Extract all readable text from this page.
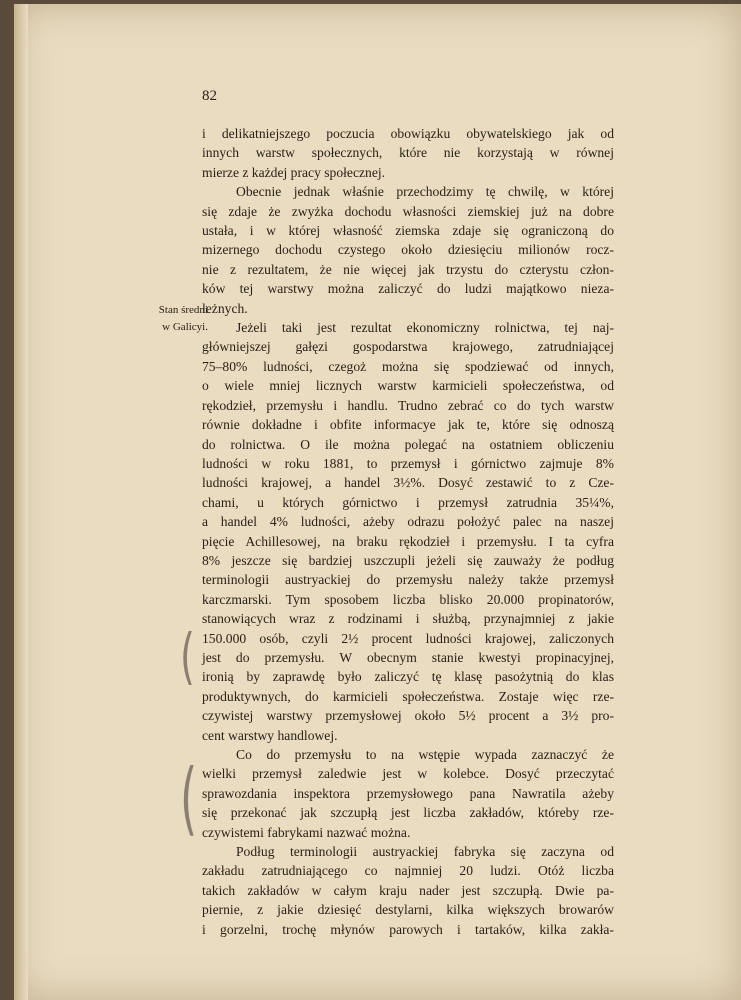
82
Stan średni
w Galicyi.
i delikatniejszego poczucia obowiązku obywatelskiego jak od
innych warstw społecznych, które nie korzystają w równej
mierze z każdej pracy społecznej.
Obecnie jednak właśnie przechodzimy tę chwilę, w której
się zdaje że zwyżka dochodu własności ziemskiej już na dobre
ustała, i w której własność ziemska zdaje się ograniczoną do
mizernego dochodu czystego około dziesięciu milionów rocz-
nie z rezultatem, że nie więcej jak trzystu do czterystu człon-
ków tej warstwy można zaliczyć do ludzi majątkowo nieza-
leżnych.
Jeżeli taki jest rezultat ekonomiczny rolnictwa, tej naj-
główniejszej gałęzi gospodarstwa krajowego, zatrudniającej
75–80% ludności, czegoż można się spodziewać od innych,
o wiele mniej licznych warstw karmicieli społeczeństwa, od
rękodzieł, przemysłu i handlu. Trudno zebrać co do tych warstw
równie dokładne i obfite informacye jak te, które się odnoszą
do rolnictwa. O ile można polegać na ostatniem obliczeniu
ludności w roku 1881, to przemysł i górnictwo zajmuje 8%
ludności krajowej, a handel 3½%. Dosyć zestawić to z Cze-
chami, u których górnictwo i przemysł zatrudnia 35¼%,
a handel 4% ludności, ażeby odrazu położyć palec na naszej
pięcie Achillesowej, na braku rękodzieł i przemysłu. I ta cyfra
8% jeszcze się bardziej uszczupli jeżeli się zauważy że podług
terminologii austryackiej do przemysłu należy także przemysł
karczmarski. Tym sposobem liczba blisko 20.000 propinatorów,
stanowiących wraz z rodzinami i służbą, przynajmniej z jakie
150.000 osób, czyli 2½ procent ludności krajowej, zaliczonych
jest do przemysłu. W obecnym stanie kwestyi propinacyjnej,
ironią by zaprawdę było zaliczyć tę klasę pasożytnią do klas
produktywnych, do karmicieli społeczeństwa. Zostaje więc rze-
czywistej warstwy przemysłowej około 5½ procent a 3½ pro-
cent warstwy handlowej.
Co do przemysłu to na wstępie wypada zaznaczyć że
wielki przemysł zaledwie jest w kolebce. Dosyć przeczytać
sprawozdania inspektora przemysłowego pana Nawratila ażeby
się przekonać jak szczupłą jest liczba zakładów, któreby rze-
czywistemi fabrykami nazwać można.
Podług terminologii austryackiej fabryka się zaczyna od
zakładu zatrudniającego co najmniej 20 ludzi. Otóż liczba
takich zakładów w całym kraju nader jest szczupłą. Dwie pa-
piernie, z jakie dziesięć destylarni, kilka większych browarów
i gorzelni, trochę młynów parowych i tartaków, kilka zakła-
(
(
